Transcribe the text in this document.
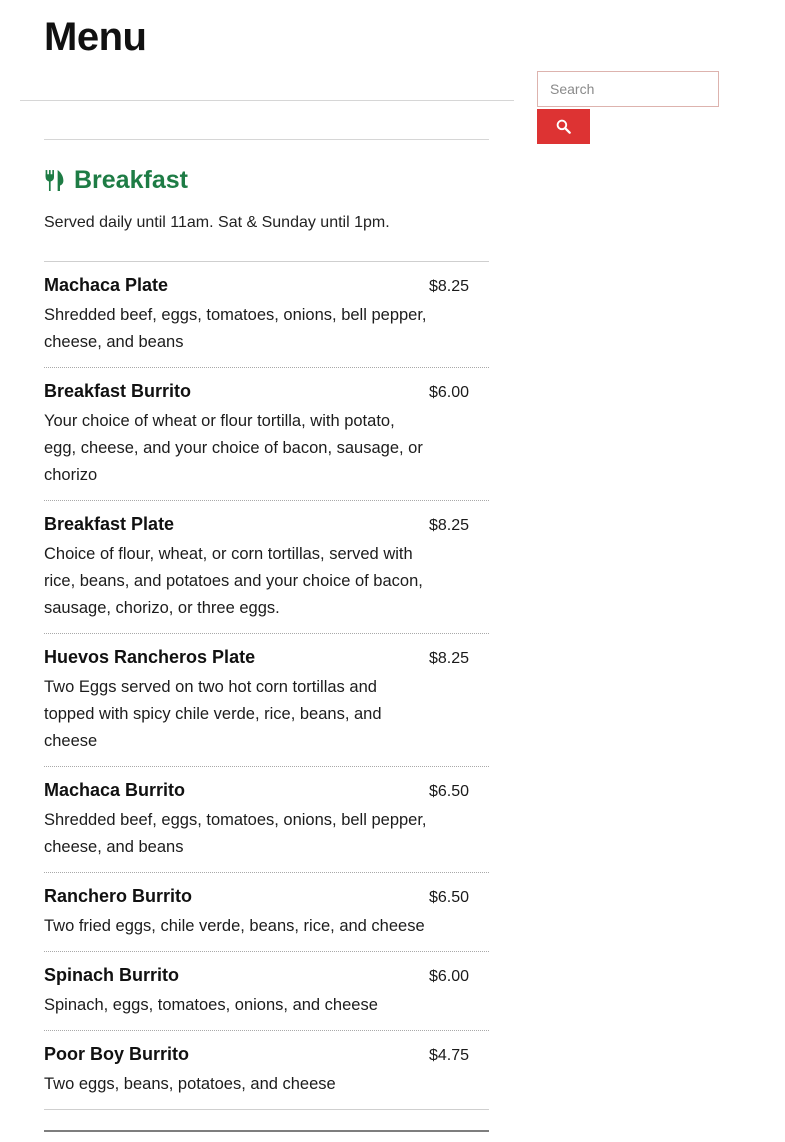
Menu
Search
Breakfast

Served daily until 11am. Sat & Sunday until 1pm.

Machaca Plate	$8.25

Shredded beef, eggs, tomatoes, onions, bell pepper, cheese, and beans

Breakfast Burrito	$6.00

Your choice of wheat or flour tortilla, with potato, egg, cheese, and your choice of bacon, sausage, or chorizo

Breakfast Plate	$8.25

Choice of flour, wheat, or corn tortillas, served with rice, beans, and potatoes and your choice of bacon, sausage, chorizo, or three eggs.

Huevos Rancheros Plate	$8.25

Two Eggs served on two hot corn tortillas and topped with spicy chile verde, rice, beans, and cheese

Machaca Burrito	$6.50

Shredded beef, eggs, tomatoes, onions, bell pepper, cheese, and beans

Ranchero Burrito	$6.50

Two fried eggs, chile verde, beans, rice, and cheese

Spinach Burrito	$6.00

Spinach, eggs, tomatoes, onions, and cheese

Poor Boy Burrito	$4.75

Two eggs, beans, potatoes, and cheese
